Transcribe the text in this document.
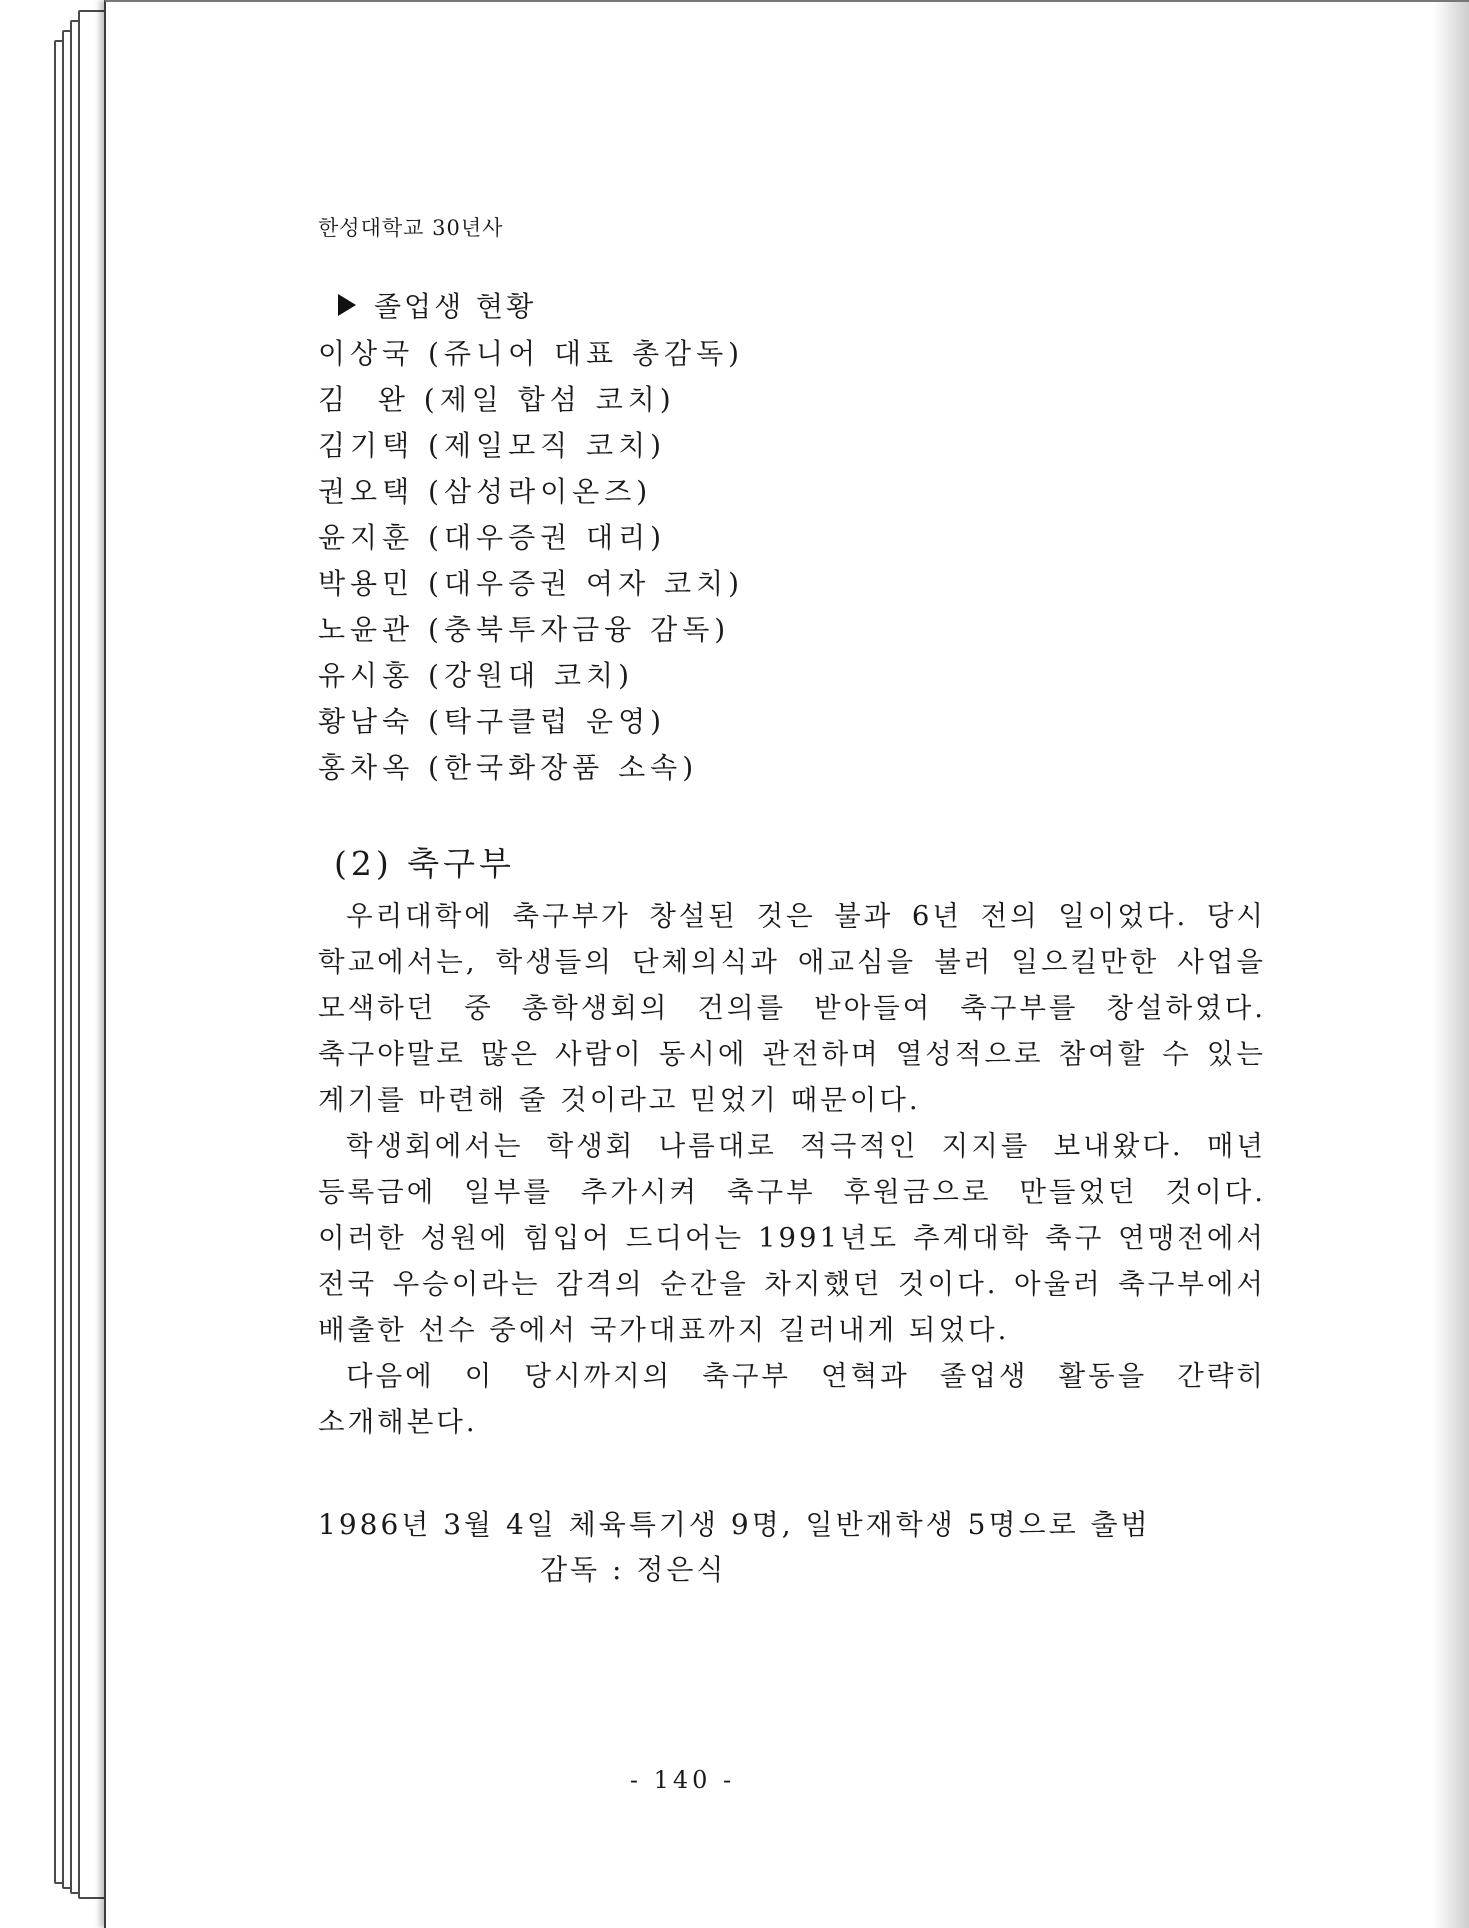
한성대학교 30년사
졸업생 현황
이상국 (쥬니어 대표 총감독)
김  완 (제일 합섬 코치)
김기택 (제일모직 코치)
권오택 (삼성라이온즈)
윤지훈 (대우증권 대리)
박용민 (대우증권 여자 코치)
노윤관 (충북투자금융 감독)
유시홍 (강원대 코치)
황남숙 (탁구클럽 운영)
홍차옥 (한국화장품 소속)
(2) 축구부

우리대학에 축구부가 창설된 것은 불과 6년 전의 일이었다. 당시 학교에서는, 학생들의 단체의식과 애교심을 불러 일으킬만한 사업을 모색하던 중 총학생회의 건의를 받아들여 축구부를 창설하였다. 축구야말로 많은 사람이 동시에 관전하며 열성적으로 참여할 수 있는 계기를 마련해 줄 것이라고 믿었기 때문이다.

학생회에서는 학생회 나름대로 적극적인 지지를 보내왔다. 매년 등록금에 일부를 추가시켜 축구부 후원금으로 만들었던 것이다. 이러한 성원에 힘입어 드디어는 1991년도 추계대학 축구 연맹전에서 전국 우승이라는 감격의 순간을 차지했던 것이다. 아울러 축구부에서 배출한 선수 중에서 국가대표까지 길러내게 되었다.

다음에 이 당시까지의 축구부 연혁과 졸업생 활동을 간략히 소개해본다.

1986년 3월 4일 체육특기생 9명, 일반재학생 5명으로 출범
감독 : 정은식
- 140 -
